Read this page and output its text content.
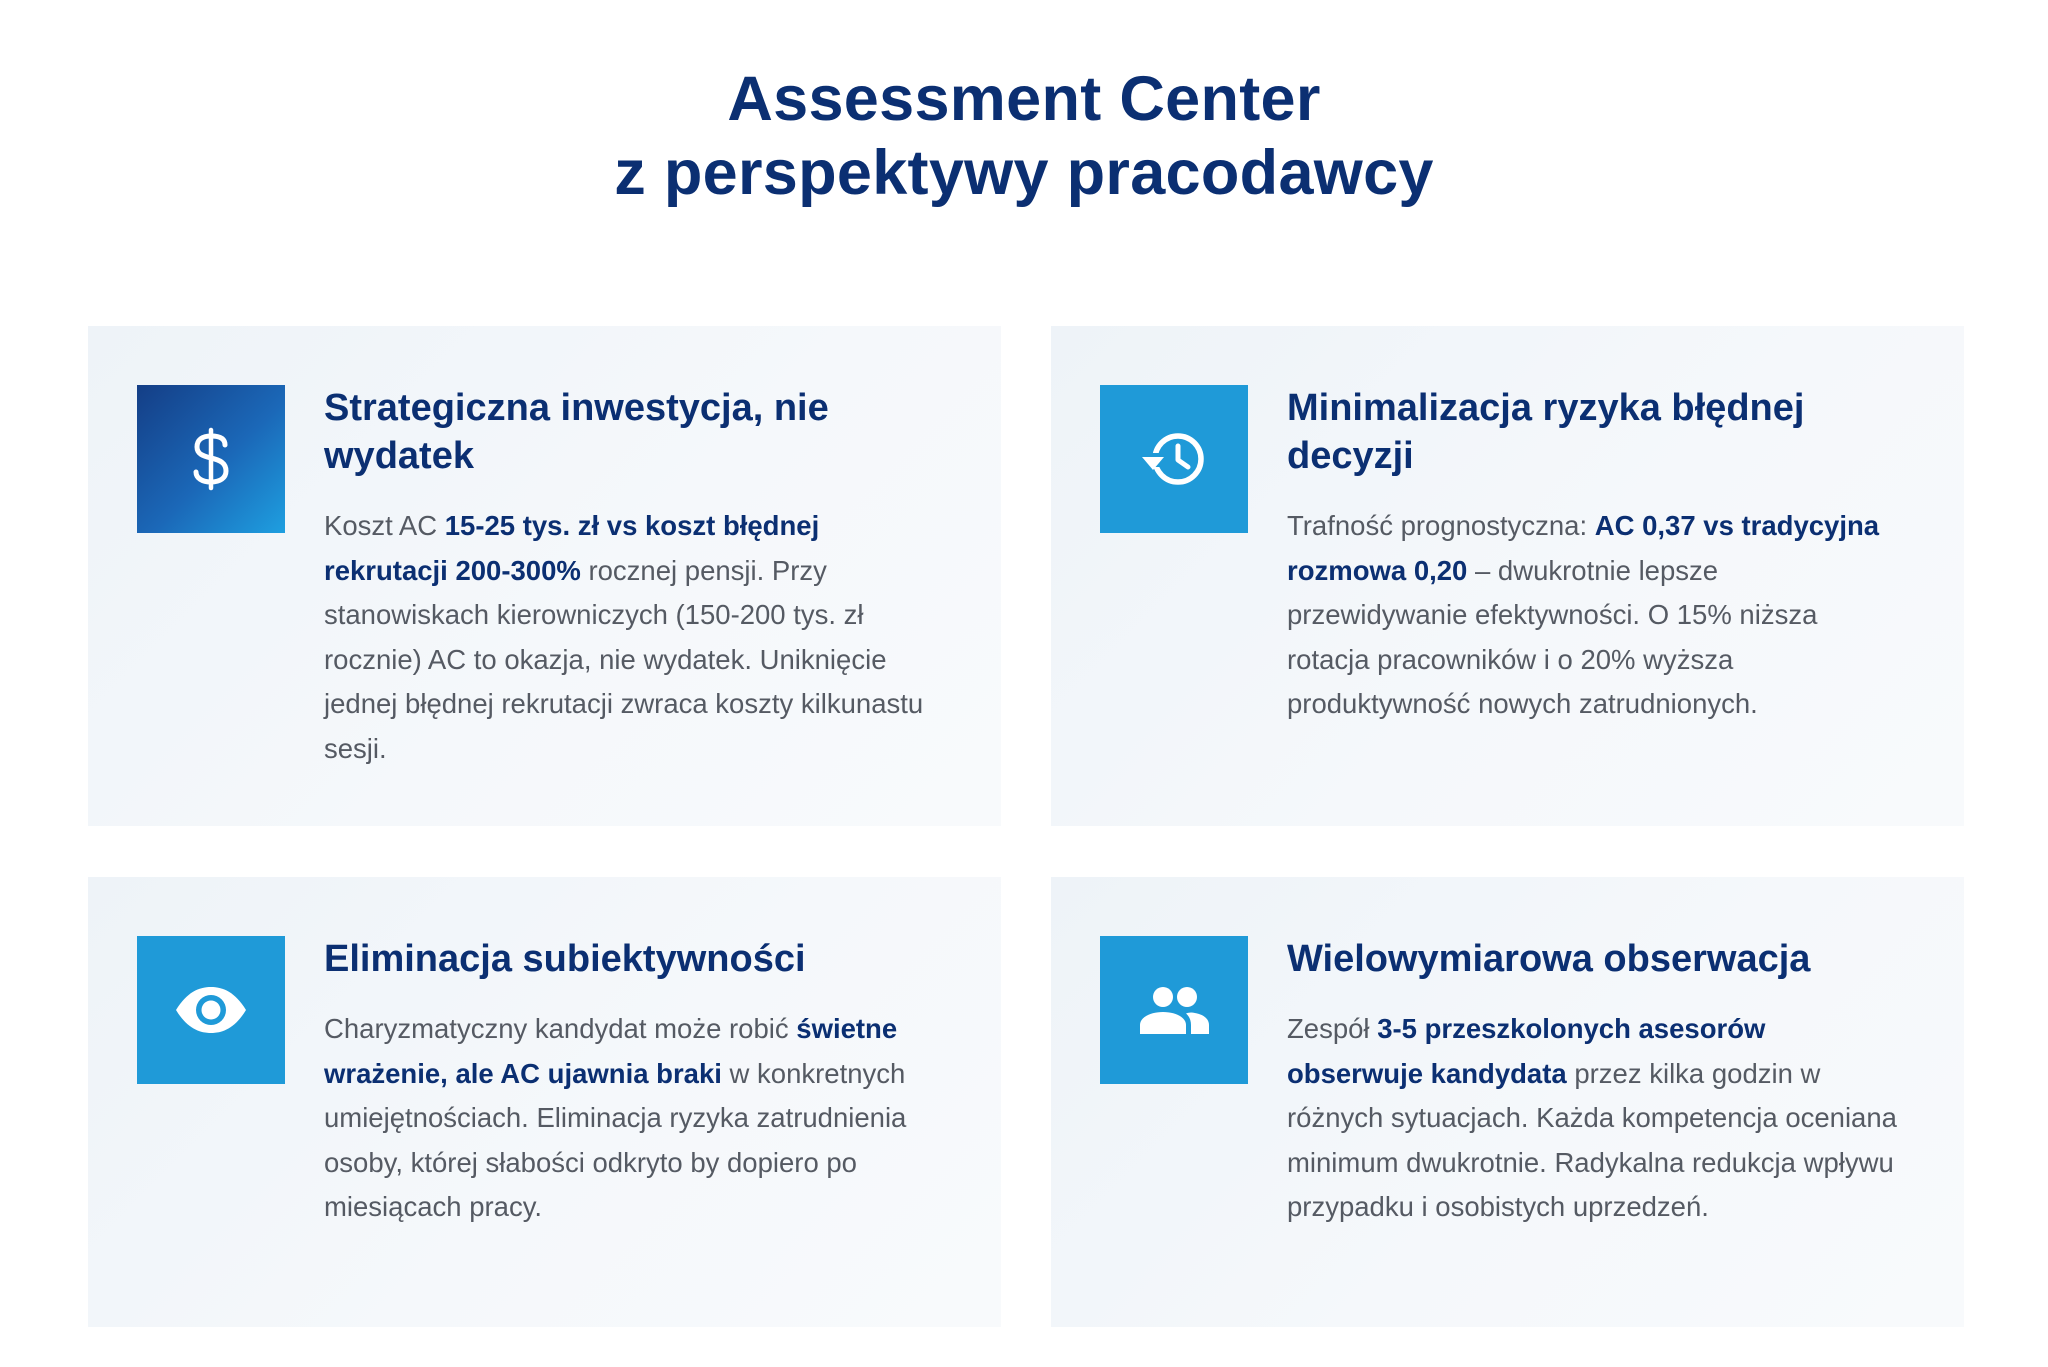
Assessment Center
z perspektywy pracodawcy
Strategiczna inwestycja, nie wydatek

Koszt AC 15-25 tys. zł vs koszt błędnej rekrutacji 200-300% rocznej pensji. Przy stanowiskach kierowniczych (150-200 tys. zł rocznie) AC to okazja, nie wydatek. Uniknięcie jednej błędnej rekrutacji zwraca koszty kilkunastu sesji.

Minimalizacja ryzyka błędnej decyzji

Trafność prognostyczna: AC 0,37 vs tradycyjna rozmowa 0,20 – dwukrotnie lepsze przewidywanie efektywności. O 15% niższa rotacja pracowników i o 20% wyższa produktywność nowych zatrudnionych.

Eliminacja subiektywności

Charyzmatyczny kandydat może robić świetne wrażenie, ale AC ujawnia braki w konkretnych umiejętnościach. Eliminacja ryzyka zatrudnienia osoby, której słabości odkryto by dopiero po miesiącach pracy.

Wielowymiarowa obserwacja

Zespół 3-5 przeszkolonych asesorów obserwuje kandydata przez kilka godzin w różnych sytuacjach. Każda kompetencja oceniana minimum dwukrotnie. Radykalna redukcja wpływu przypadku i osobistych uprzedzeń.
